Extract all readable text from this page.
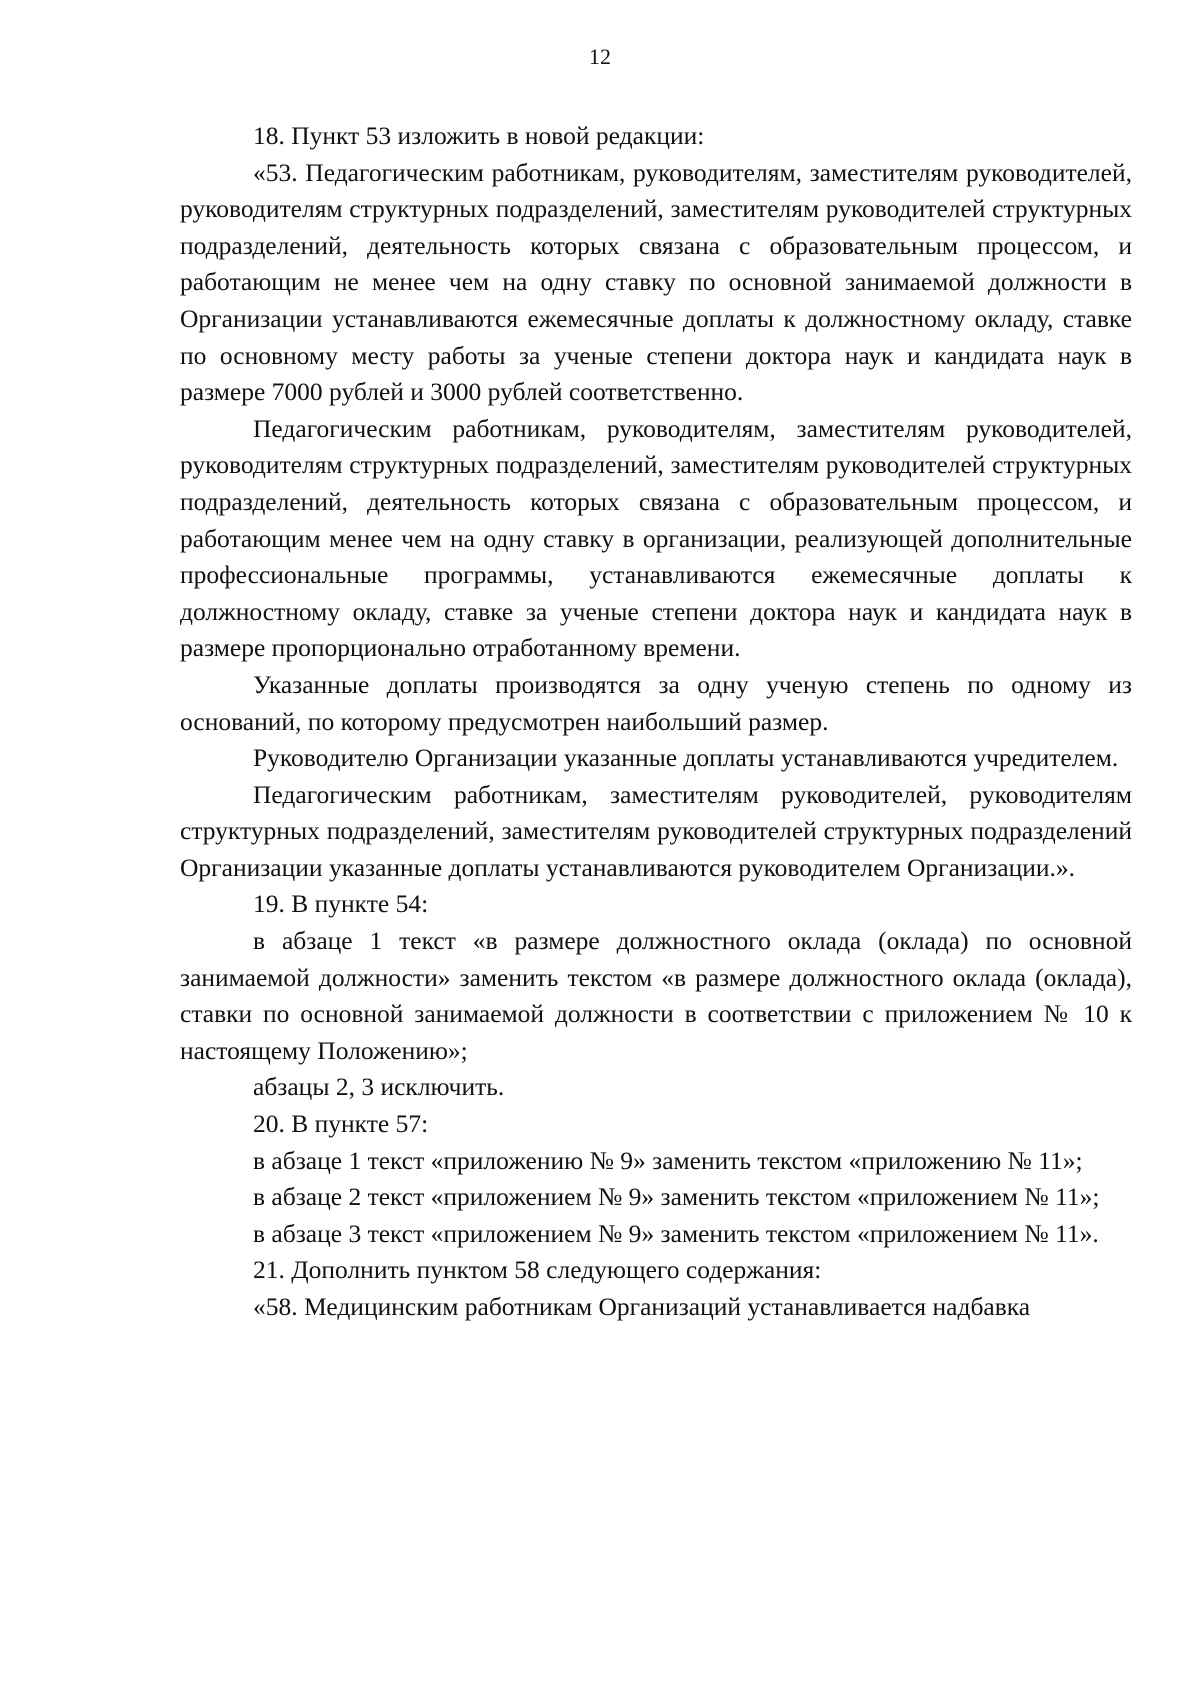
12

18. Пункт 53 изложить в новой редакции:

«53. Педагогическим работникам, руководителям, заместителям руководителей, руководителям структурных подразделений, заместителям руководителей структурных подразделений, деятельность которых связана с образовательным процессом, и работающим не менее чем на одну ставку по основной занимаемой должности в Организации устанавливаются ежемесячные доплаты к должностному окладу, ставке по основному месту работы за ученые степени доктора наук и кандидата наук в размере 7000 рублей и 3000 рублей соответственно.

Педагогическим работникам, руководителям, заместителям руководителей, руководителям структурных подразделений, заместителям руководителей структурных подразделений, деятельность которых связана с образовательным процессом, и работающим менее чем на одну ставку в организации, реализующей дополнительные профессиональные программы, устанавливаются ежемесячные доплаты к должностному окладу, ставке за ученые степени доктора наук и кандидата наук в размере пропорционально отработанному времени.

Указанные доплаты производятся за одну ученую степень по одному из оснований, по которому предусмотрен наибольший размер.

Руководителю Организации указанные доплаты устанавливаются учредителем.

Педагогическим работникам, заместителям руководителей, руководителям структурных подразделений, заместителям руководителей структурных подразделений Организации указанные доплаты устанавливаются руководителем Организации.».

19. В пункте 54:

в абзаце 1 текст «в размере должностного оклада (оклада) по основной занимаемой должности» заменить текстом «в размере должностного оклада (оклада), ставки по основной занимаемой должности в соответствии с приложением № 10 к настоящему Положению»;

абзацы 2, 3 исключить.

20. В пункте 57:

в абзаце 1 текст «приложению № 9» заменить текстом «приложению № 11»;

в абзаце 2 текст «приложением № 9» заменить текстом «приложением № 11»;

в абзаце 3 текст «приложением № 9» заменить текстом «приложением № 11».

21. Дополнить пунктом 58 следующего содержания:

«58. Медицинским работникам Организаций устанавливается надбавка
